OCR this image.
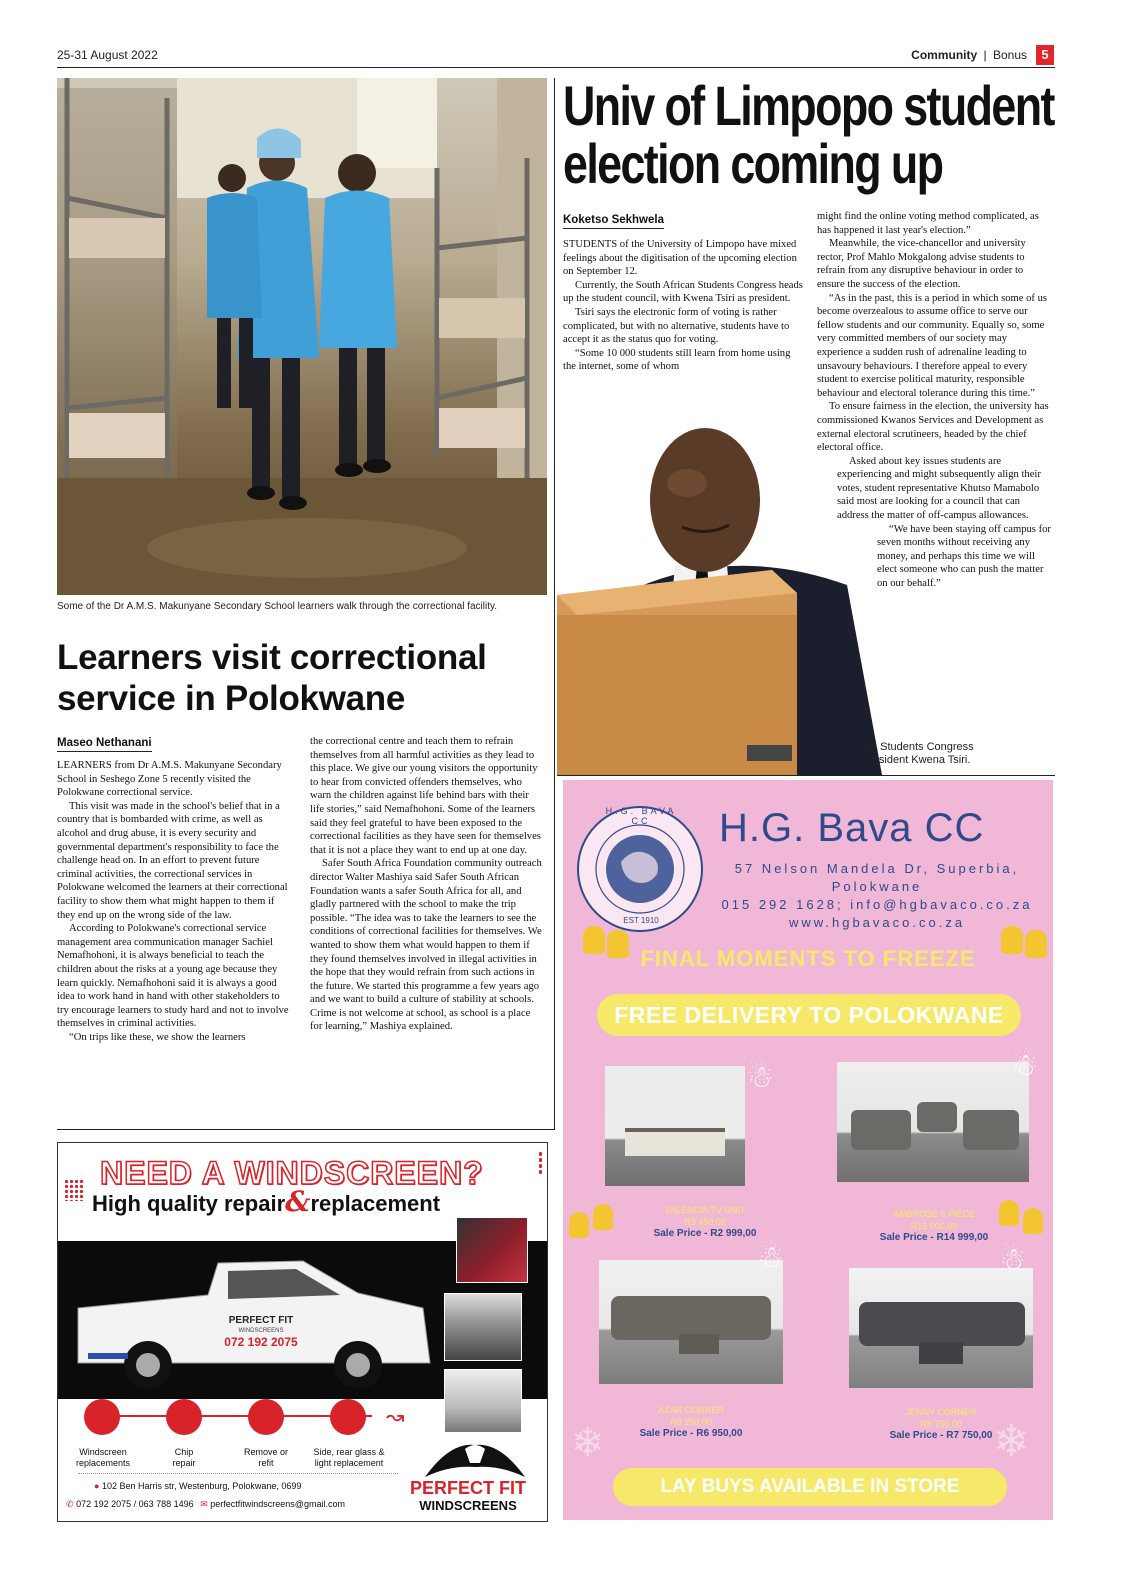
25-31 August 2022	Community | Bonus	5
Some of the Dr A.M.S. Makunyane Secondary School learners walk through the correctional facility.
Learners visit correctional
service in Polokwane
Maseo Nethanani

LEARNERS from Dr A.M.S. Makunyane Secondary School in Seshego Zone 5 recently visited the Polokwane correctional service.

This visit was made in the school's belief that in a country that is bombarded with crime, as well as alcohol and drug abuse, it is every security and governmental department's responsibility to face the challenge head on. In an effort to prevent future criminal activities, the correctional services in Polokwane welcomed the learners at their correctional facility to show them what might happen to them if they end up on the wrong side of the law.

According to Polokwane's correctional service management area communication manager Sachiel Nemafhohoni, it is always beneficial to teach the children about the risks at a young age because they learn quickly. Nemafhohoni said it is always a good idea to work hand in hand with other stakeholders to try encourage learners to study hard and not to involve themselves in criminal activities.

“On trips like these, we show the learners

the correctional centre and teach them to refrain themselves from all harmful activities as they lead to this place. We give our young visitors the opportunity to hear from convicted offenders themselves, who warn the children against life behind bars with their life stories,” said Nemafhohoni. Some of the learners said they feel grateful to have been exposed to the correctional facilities as they have seen for themselves that it is not a place they want to end up at one day.

Safer South Africa Foundation community outreach director Walter Mashiya said Safer South African Foundation wants a safer South Africa for all, and gladly partnered with the school to make the trip possible. “The idea was to take the learners to see the conditions of correctional facilities for themselves. We wanted to show them what would happen to them if they found themselves involved in illegal activities in the hope that they would refrain from such actions in the future. We started this programme a few years ago and we want to build a culture of stability at schools. Crime is not welcome at school, as school is a place for learning,” Mashiya explained.

Univ of Limpopo student
election coming up
Koketso Sekhwela

STUDENTS of the University of Limpopo have mixed feelings about the digitisation of the upcoming election on September 12.

Currently, the South African Students Congress heads up the student council, with Kwena Tsiri as president.

Tsiri says the electronic form of voting is rather complicated, but with no alternative, students have to accept it as the status quo for voting.

“Some 10 000 students still learn from home using the internet, some of whom

might find the online voting method complicated, as has happened it last year's election.”

Meanwhile, the vice-chancellor and university rector, Prof Mahlo Mokgalong advise students to refrain from any disruptive behaviour in order to ensure the success of the election.

“As in the past, this is a period in which some of us become overzealous to assume office to serve our fellow students and our community. Equally so, some very committed members of our society may experience a sudden rush of adrenaline leading to unsavoury behaviours. I therefore appeal to every student to exercise political maturity, responsible behaviour and electoral tolerance during this time.”

To ensure fairness in the election, the university has commissioned Kwanos Services and Development as external electoral scrutineers, headed by the chief electoral office.

Asked about key issues students are experiencing and might subsequently align their votes, student representative Khutso Mamabolo said most are looking for a council that can address the matter of off-campus allowances.

“We have been staying off campus for seven months without receiving any money, and perhaps this time we will elect someone who can push the matter on our behalf.”

SA Students Congress
president Kwena Tsiri.
NEED A WINDSCREEN?
High quality repair&replacement
PERFECT FIT
WINDSCREENS
072 192 2075
↝
Windscreen replacements
Chip repair
Remove or refit
Side, rear glass & light replacement
● 102 Ben Harris str, Westenburg, Polokwane, 0699
✆ 072 192 2075 / 063 788 1496 ✉ perfectfitwindscreens@gmail.com
PERFECT FIT
WINDSCREENS
H.G. BAVA CC
EST 1910
H.G. Bava CC
57 Nelson Mandela Dr, Superbia,
Polokwane
015 292 1628; info@hgbavaco.co.za
www.hgbavaco.co.za
FINAL MOMENTS TO FREEZE
FREE DELIVERY TO POLOKWANE
☃	☃
VALENCIA TV UNIT
R3 450,00
Sale Price - R2 999,00
AMBROSE 6 PIECE
R15 000,00
Sale Price - R14 999,00
☃	☃
AZAR CORNER
R8 250,00
Sale Price - R6 950,00
JENNY CORNER
R8 750,00
Sale Price - R7 750,00
❄	❄
LAY BUYS AVAILABLE IN STORE
